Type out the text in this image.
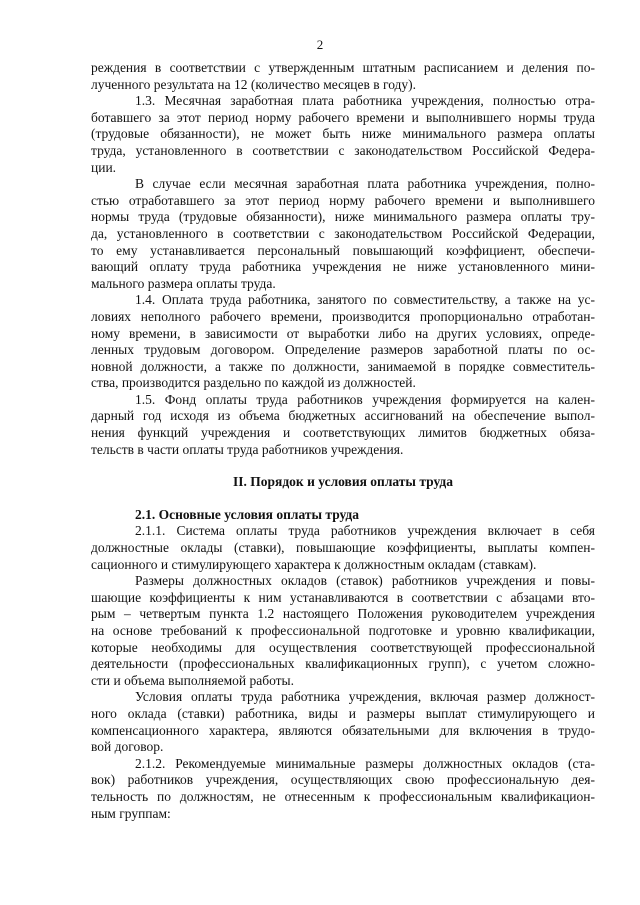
2
реждения в соответствии с утвержденным штатным расписанием и деления по-
лученного результата на 12 (количество месяцев в году).
1.3. Месячная заработная плата работника учреждения, полностью отра-
ботавшего за этот период норму рабочего времени и выполнившего нормы труда
(трудовые обязанности), не может быть ниже минимального размера оплаты
труда, установленного в соответствии с законодательством Российской Федера-
ции.
В случае если месячная заработная плата работника учреждения, полно-
стью отработавшего за этот период норму рабочего времени и выполнившего
нормы труда (трудовые обязанности), ниже минимального размера оплаты тру-
да, установленного в соответствии с законодательством Российской Федерации,
то ему устанавливается персональный повышающий коэффициент, обеспечи-
вающий оплату труда работника учреждения не ниже установленного мини-
мального размера оплаты труда.
1.4. Оплата труда работника, занятого по совместительству, а также на ус-
ловиях неполного рабочего времени, производится пропорционально отработан-
ному времени, в зависимости от выработки либо на других условиях, опреде-
ленных трудовым договором. Определение размеров заработной платы по ос-
новной должности, а также по должности, занимаемой в порядке совместитель-
ства, производится раздельно по каждой из должностей.
1.5. Фонд оплаты труда работников учреждения формируется на кален-
дарный год исходя из объема бюджетных ассигнований на обеспечение выпол-
нения функций учреждения и соответствующих лимитов бюджетных обяза-
тельств в части оплаты труда работников учреждения.
II. Порядок и условия оплаты труда
2.1. Основные условия оплаты труда
2.1.1. Система оплаты труда работников учреждения включает в себя
должностные оклады (ставки), повышающие коэффициенты, выплаты компен-
сационного и стимулирующего характера к должностным окладам (ставкам).
Размеры должностных окладов (ставок) работников учреждения и повы-
шающие коэффициенты к ним устанавливаются в соответствии с абзацами вто-
рым – четвертым пункта 1.2 настоящего Положения руководителем учреждения
на основе требований к профессиональной подготовке и уровню квалификации,
которые необходимы для осуществления соответствующей профессиональной
деятельности (профессиональных квалификационных групп), с учетом сложно-
сти и объема выполняемой работы.
Условия оплаты труда работника учреждения, включая размер должност-
ного оклада (ставки) работника, виды и размеры выплат стимулирующего и
компенсационного характера, являются обязательными для включения в трудо-
вой договор.
2.1.2. Рекомендуемые минимальные размеры должностных окладов (ста-
вок) работников учреждения, осуществляющих свою профессиональную дея-
тельность по должностям, не отнесенным к профессиональным квалификацион-
ным группам:
